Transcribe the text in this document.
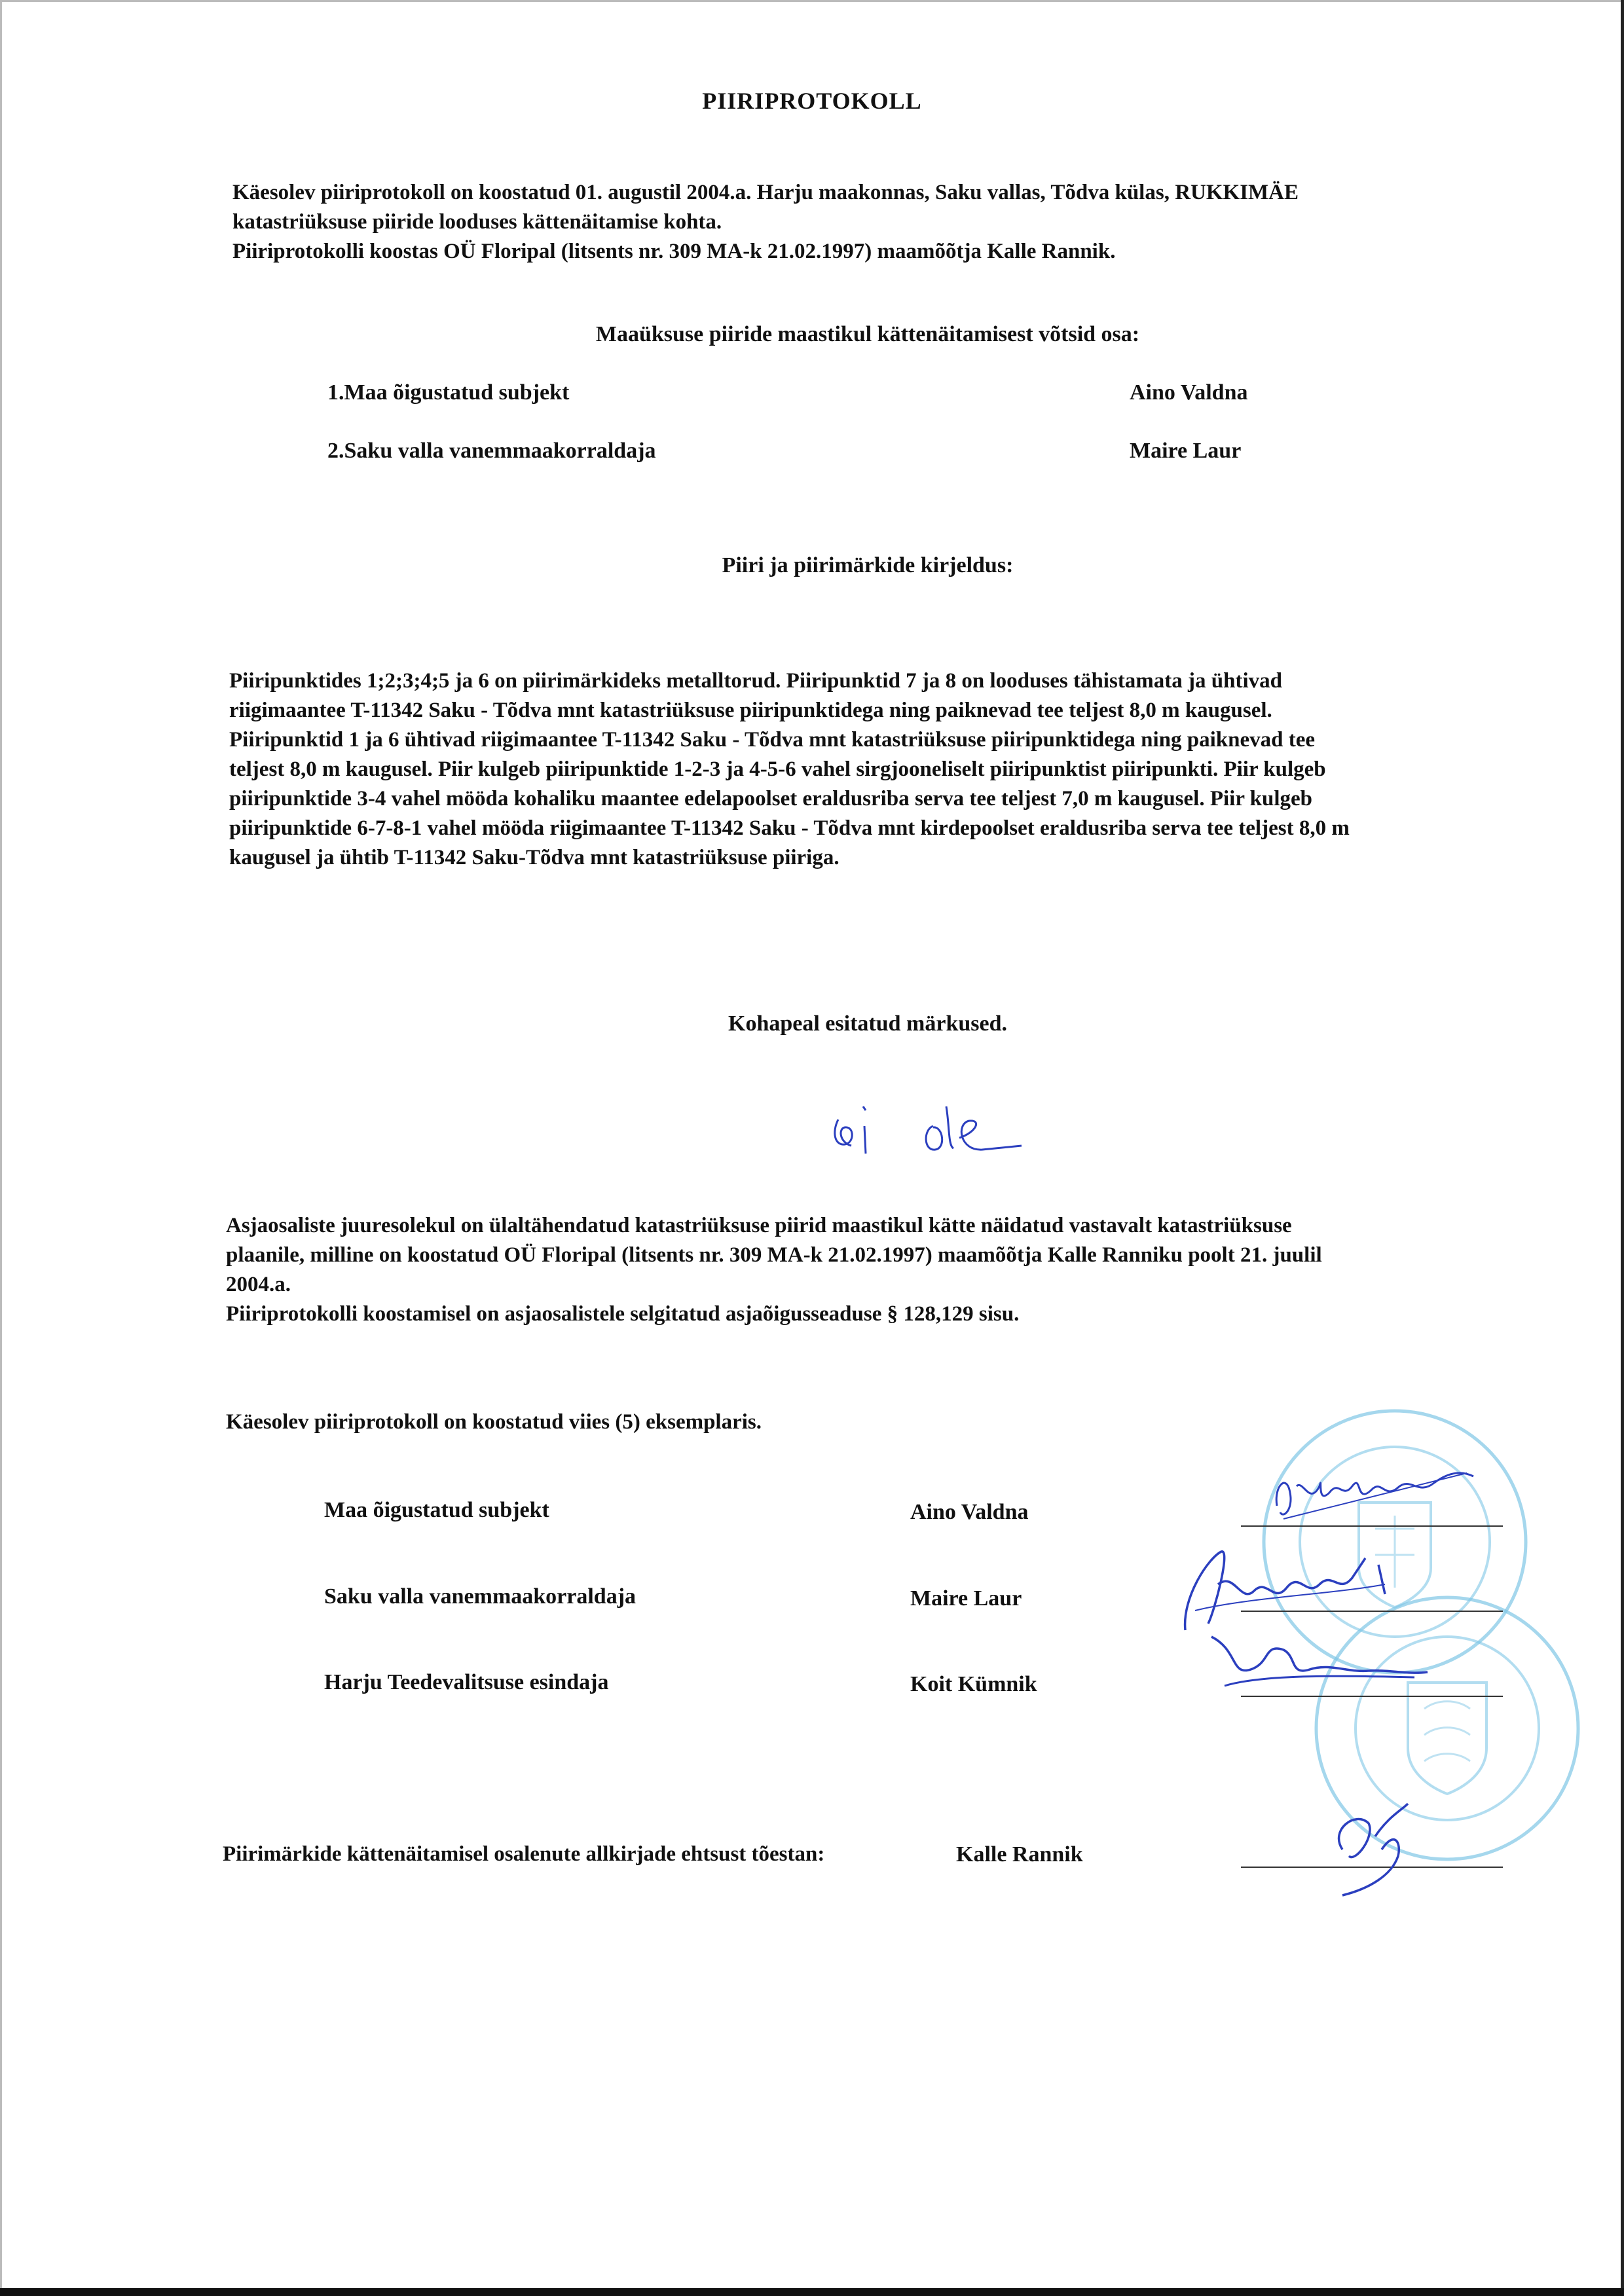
PIIRIPROTOKOLL
Käesolev piiriprotokoll on koostatud 01. augustil 2004.a. Harju maakonnas, Saku vallas, Tõdva külas, RUKKIMÄE
katastriüksuse piiride looduses kättenäitamise kohta.
Piiriprotokolli koostas OÜ Floripal (litsents nr. 309 MA-k 21.02.1997) maamõõtja Kalle Rannik.
Maaüksuse piiride maastikul kättenäitamisest võtsid osa:
1.Maa õigustatud subjekt	Aino Valdna
2.Saku valla vanemmaakorraldaja	Maire Laur
Piiri ja piirimärkide kirjeldus:
Piiripunktides 1;2;3;4;5 ja 6 on piirimärkideks metalltorud. Piiripunktid 7 ja 8 on looduses tähistamata ja ühtivad
riigimaantee T-11342 Saku - Tõdva mnt katastriüksuse piiripunktidega ning paiknevad tee teljest 8,0 m kaugusel.
Piiripunktid 1 ja 6 ühtivad riigimaantee T-11342 Saku - Tõdva mnt katastriüksuse piiripunktidega ning paiknevad tee
teljest 8,0 m kaugusel. Piir kulgeb piiripunktide 1-2-3 ja 4-5-6 vahel sirgjooneliselt piiripunktist piiripunkti. Piir kulgeb
piiripunktide 3-4 vahel mööda kohaliku maantee edelapoolset eraldusriba serva tee teljest 7,0 m kaugusel. Piir kulgeb
piiripunktide 6-7-8-1 vahel mööda riigimaantee T-11342 Saku - Tõdva mnt kirdepoolset eraldusriba serva tee teljest 8,0 m
kaugusel ja ühtib T-11342 Saku-Tõdva mnt katastriüksuse piiriga.
Kohapeal esitatud märkused.
Asjaosaliste juuresolekul on ülaltähendatud katastriüksuse piirid maastikul kätte näidatud vastavalt katastriüksuse
plaanile, milline on koostatud OÜ Floripal (litsents nr. 309 MA-k 21.02.1997) maamõõtja Kalle Ranniku poolt 21. juulil
2004.a.
Piiriprotokolli koostamisel on asjaosalistele selgitatud asjaõigusseaduse § 128,129 sisu.
Käesolev piiriprotokoll on koostatud viies (5) eksemplaris.
Maa õigustatud subjekt	Aino Valdna
Saku valla vanemmaakorraldaja	Maire Laur
Harju Teedevalitsuse esindaja	Koit Kümnik
Piirimärkide kättenäitamisel osalenute allkirjade ehtsust tõestan:	Kalle Rannik
